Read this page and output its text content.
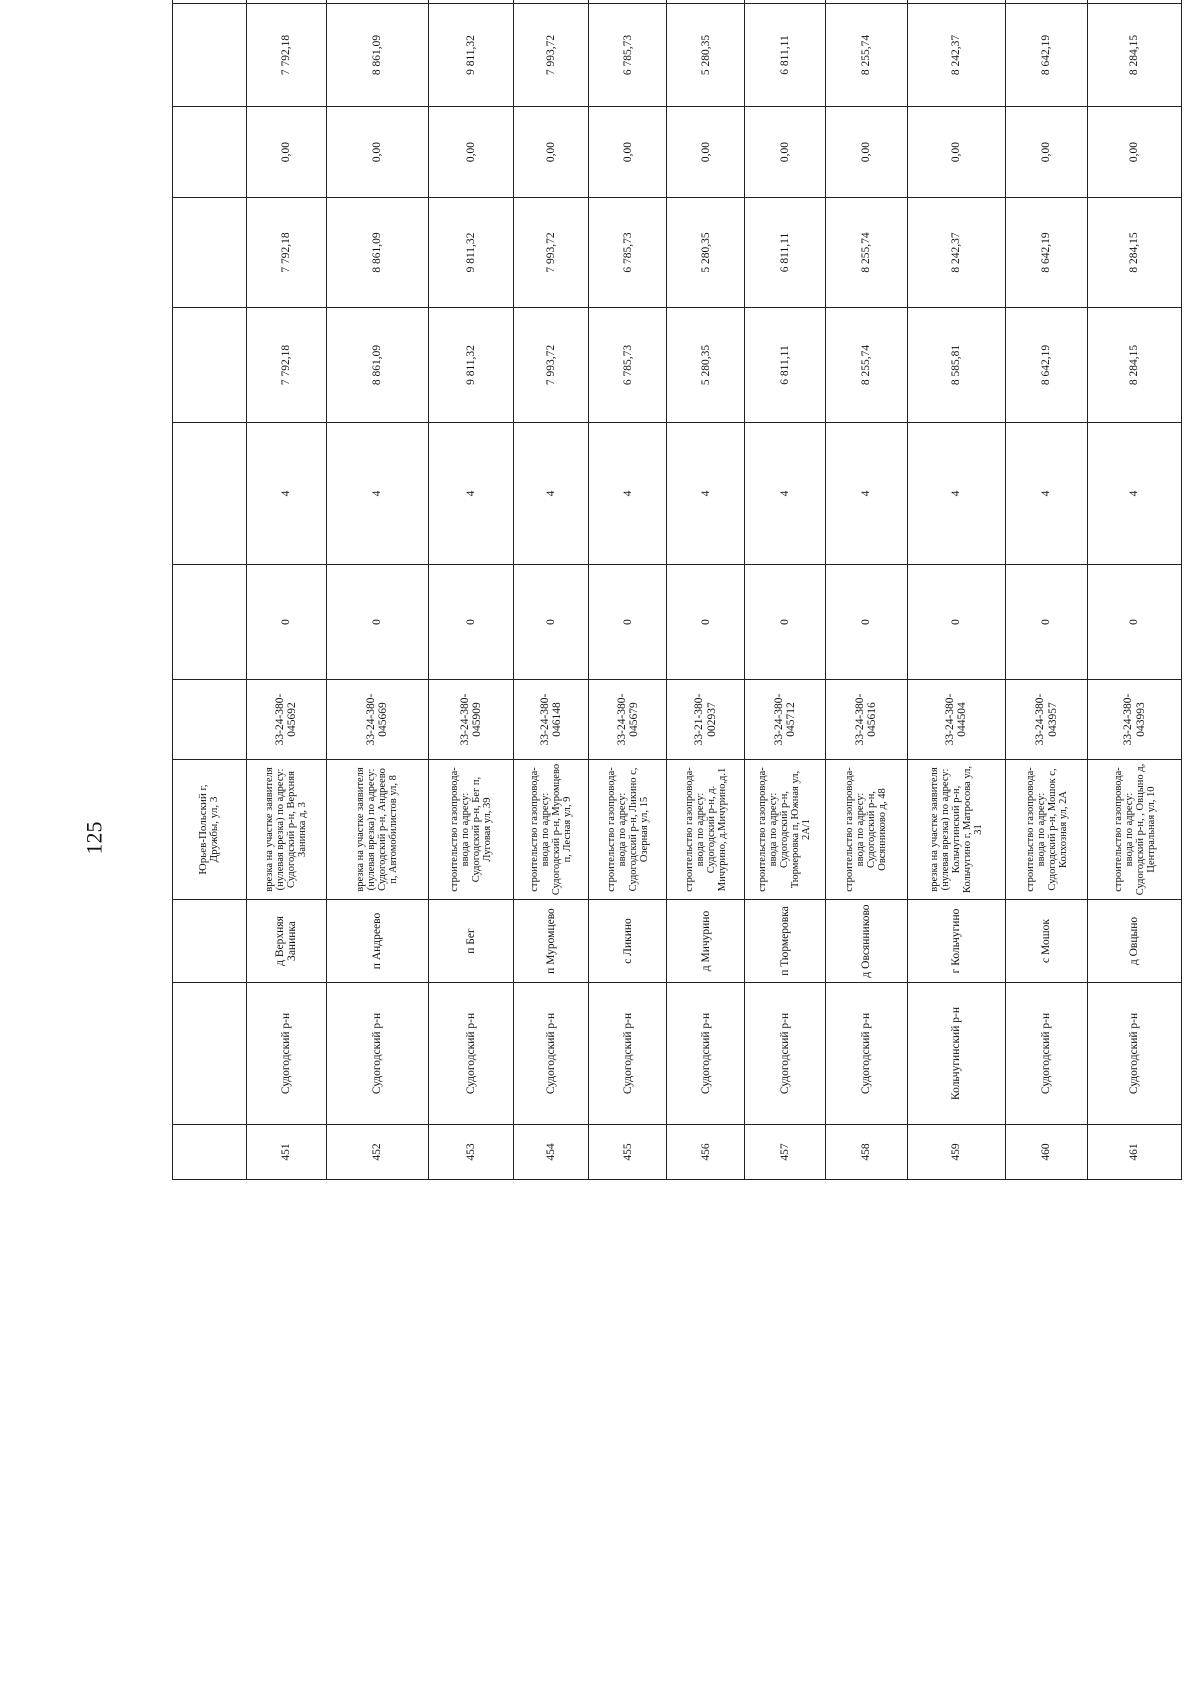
125
				Юрьев-Польский г, Дружбы, ул, 3									
451	Судогодский р-н	д Верхняя Занинка	врезка на участке заявителя (нулевая врезка) по адресу: Судогодский р-н, Верхняя Занинка д, 3	33-24-380-045692	0	4	7 792,18	7 792,18	0,00	7 792,18		
452	Судогодский р-н	п Андреево	врезка на участке заявителя (нулевая врезка) по адресу: Судогодский р-н, Андреево п, Автомобилистов ул, 8	33-24-380-045669	0	4	8 861,09	8 861,09	0,00	8 861,09		
453	Судогодский р-н	п Бег	строительство газопровода-ввода по адресу: Судогодский р-н, Бег п, Луговая ул, 39	33-24-380-045909	0	4	9 811,32	9 811,32	0,00	9 811,32		
454	Судогодский р-н	п Муромцево	строительство газопровода-ввода по адресу: Судогодский р-н, Муромцево п, Лесная ул, 9	33-24-380-046148	0	4	7 993,72	7 993,72	0,00	7 993,72		
455	Судогодский р-н	с Ликино	строительство газопровода-ввода по адресу: Судогодский р-н, Ликино с, Озерная ул, 15	33-24-380-045679	0	4	6 785,73	6 785,73	0,00	6 785,73		
456	Судогодский р-н	д Мичурино	строительство газопровода-ввода по адресу: Судогодский р-н, д. Мичурино, д.Мичурино,д.1	33-21-380-002937	0	4	5 280,35	5 280,35	0,00	5 280,35		
457	Судогодский р-н	п Тюрмеровка	строительство газопровода-ввода по адресу: Судогодский р-н, Тюрмеровка п, Южная ул, 2А/1	33-24-380-045712	0	4	6 811,11	6 811,11	0,00	6 811,11		
458	Судогодский р-н	д Овсянниково	строительство газопровода-ввода по адресу: Судогодский р-н, Овсянниково д, 48	33-24-380-045616	0	4	8 255,74	8 255,74	0,00	8 255,74		
459	Кольчугинский р-н	г Кольчугино	врезка на участке заявителя (нулевая врезка) по адресу: Кольчугинский р-н, Кольчугино г, Матросова ул, 31	33-24-380-044504	0	4	8 585,81	8 242,37	0,00	8 242,37		
460	Судогодский р-н	с Мошок	строительство газопровода-ввода по адресу: Судогодский р-н, Мошок с, Колхозная ул, 2А	33-24-380-043957	0	4	8 642,19	8 642,19	0,00	8 642,19		
461	Судогодский р-н	д Овцыно	строительство газопровода-ввода по адресу: Судогодский р-н, , Овцыно д, Центральная ул, 10	33-24-380-043993	0	4	8 284,15	8 284,15	0,00	8 284,15		
